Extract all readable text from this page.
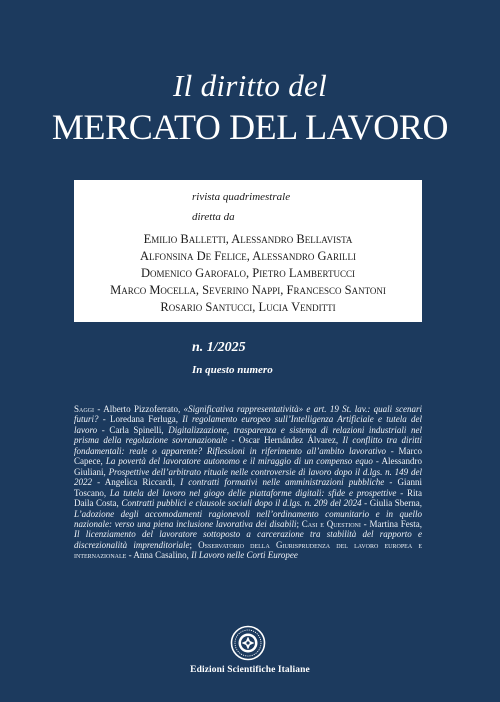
Il diritto del
MERCATO DEL LAVORO
rivista quadrimestrale
diretta da
Emilio Balletti, Alessandro Bellavista
Alfonsina De Felice, Alessandro Garilli
Domenico Garofalo, Pietro Lambertucci
Marco Mocella, Severino Nappi, Francesco Santoni
Rosario Santucci, Lucia Venditti
n. 1/2025
In questo numero
Saggi - Alberto Pizzoferrato, «Significativa rappresentatività» e art. 19 St. lav.: quali scenari futuri? - Loredana Ferluga, Il regolamento europeo sull’Intelligenza Artificiale e tutela del lavoro - Carla Spinelli, Digitalizzazione, trasparenza e sistema di relazioni industriali nel prisma della regolazione sovranazionale - Oscar Hernández Álvarez, Il conflitto tra diritti fondamentali: reale o apparente? Riflessioni in riferimento all’ambito lavorativo - Marco Capece, La povertà del lavoratore autonomo e il miraggio di un compenso equo - Alessandro Giuliani, Prospettive dell’arbitrato rituale nelle controversie di lavoro dopo il d.lgs. n. 149 del 2022 - Angelica Riccardi, I contratti formativi nelle amministrazioni pubbliche - Gianni Toscano, La tutela del lavoro nel giogo delle piattaforme digitali: sfide e prospettive - Rita Daila Costa, Contratti pubblici e clausole sociali dopo il d.lgs. n. 209 del 2024 - Giulia Sberna, L’adozione degli accomodamenti ragionevoli nell’ordinamento comunitario e in quello nazionale: verso una piena inclusione lavorativa dei disabili; Casi e Questioni - Martina Festa, Il licenziamento del lavoratore sottoposto a carcerazione tra stabilità del rapporto e discrezionalità imprenditoriale; Osservatorio della Giurisprudenza del lavoro europea e internazionale - Anna Casalino, Il Lavoro nelle Corti Europee
Edizioni Scientifiche Italiane
